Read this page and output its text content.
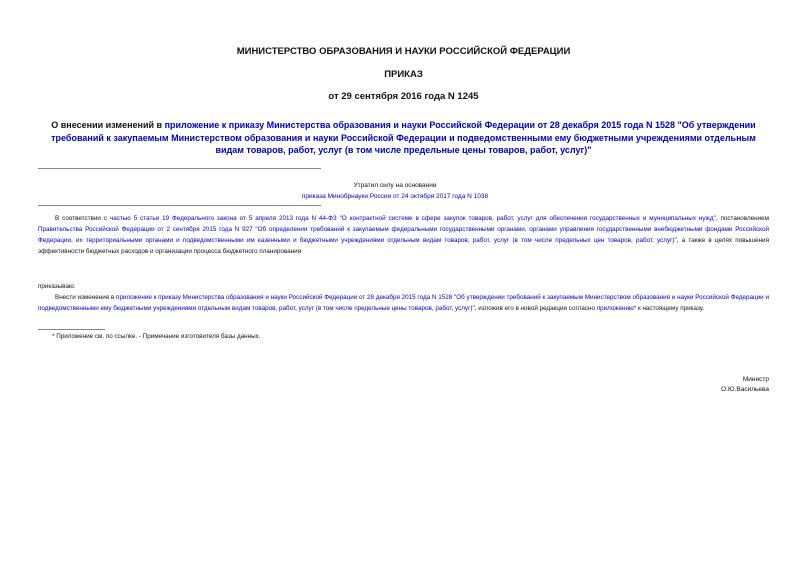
МИНИСТЕРСТВО ОБРАЗОВАНИЯ И НАУКИ РОССИЙСКОЙ ФЕДЕРАЦИИ
ПРИКАЗ
от 29 сентября 2016 года N 1245
О внесении изменений в приложение к приказу Министерства образования и науки Российской Федерации от 28 декабря 2015 года N 1528 "Об утверждении требований к закупаемым Министерством образования и науки Российской Федерации и подведомственными ему бюджетными учреждениями отдельным видам товаров, работ, услуг (в том числе предельные цены товаров, работ, услуг)"
Утратил силу на основании
приказа Минобрнауки России от 24 октября 2017 года N 1038
В соответствии с частью 5 статьи 19 Федерального закона от 5 апреля 2013 года N 44-ФЗ "О контрактной системе в сфере закупок товаров, работ, услуг для обеспечения государственных и муниципальных нужд", постановлением Правительства Российской Федерации от 2 сентября 2015 года N 927 "Об определении требований к закупаемым федеральными государственными органами, органами управления государственными внебюджетными фондами Российской Федерации, их территориальными органами и подведомственными им казенными и бюджетными учреждениями отдельным видам товаров, работ, услуг (в том числе предельных цен товаров, работ, услуг)", а также в целях повышения эффективности бюджетных расходов и организации процесса бюджетного планирования
приказываю:
Внести изменения в приложение к приказу Министерства образования и науки Российской Федерации от 28 декабря 2015 года N 1528 "Об утверждении требований к закупаемым Министерством образования и науки Российской Федерации и подведомственными ему бюджетными учреждениями отдельным видам товаров, работ, услуг (в том числе предельные цены товаров, работ, услуг)", изложив его в новой редакции согласно приложению* к настоящему приказу.
* Приложение см. по ссылке. - Примечание изготовителя базы данных.
Министр
О.Ю.Васильева
